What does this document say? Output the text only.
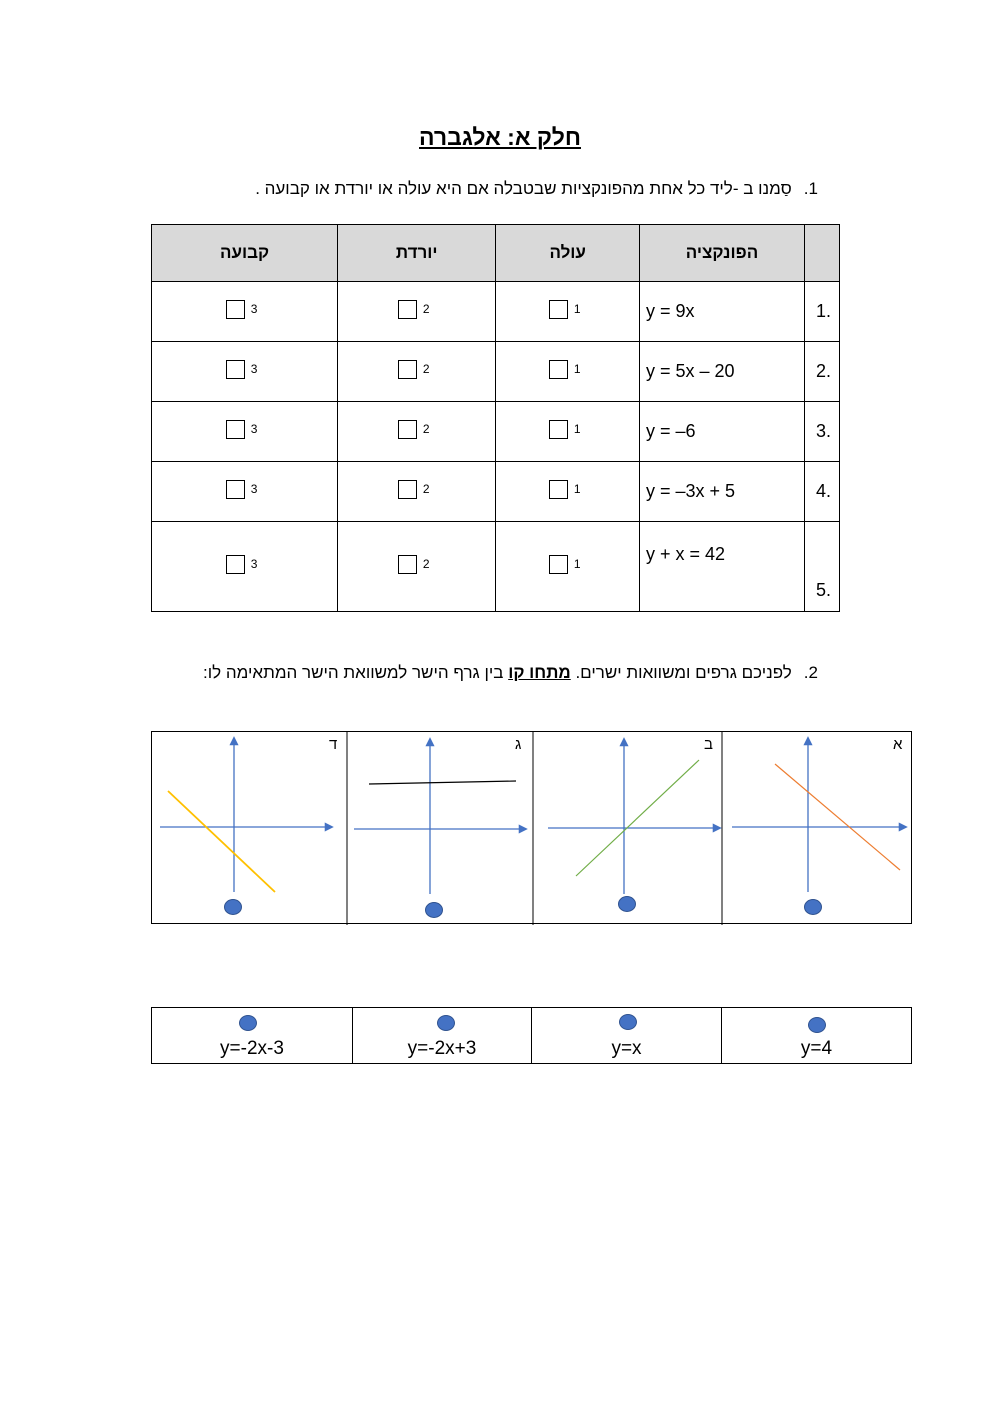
חלק א: אלגברה
1.סַמנו ב -ליד כל אחת מהפונקציות שבטבלה אם היא עולה או יורדת או קבועה .
	הפונקציה	עולה	יורדת	קבועה
.1	y = 9x	1	2	3

.2	y = 5x – 20	1	2	3

.3	y = –6	1	2	3

.4	y = –3x + 5	1	2	3

.5	y + x = 42	1	2	3
2.לפניכם גרפים ומשוואות ישרים. מתחו קו בין גרף הישר למשוואת הישר המתאימה לו:
ד	ג	ב	א
y=-2x-3	y=-2x+3	y=x	y=4
